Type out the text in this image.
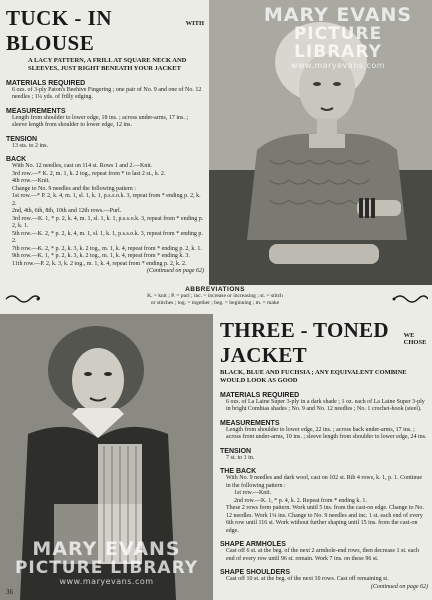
TUCK - IN BLOUSE
WITH
A LACY PATTERN, A FRILL AT SQUARE NECK AND SLEEVES, JUST RIGHT BENEATH YOUR JACKET
MATERIALS REQUIRED
6 ozs. of 3-ply Paton's Beehive Fingering ; one pair of No. 9 and one of No. 12 needles ; 1¼ yds. of frilly edging.
MEASUREMENTS
Length from shoulder to lower edge, 18 ins. ; across under-arms, 17 ins. ; sleeve length from shoulder to lower edge, 12 ins.
TENSION
13 sts. to 2 ins.
BACK
With No. 12 needles, cast on 114 st. Rows 1 and 2.—Knit.
3rd row.—* K. 2, m. 1, k. 2 tog., repeat from * to last 2 st., k. 2.
4th row.—Knit.
Change to No. 9 needles and the following pattern :
1st row.—* P. 2, k. 4, m. 1, sl. 1, k. 1, p.s.s.o.k. 3, repeat from * ending p. 2, k. 2.
2nd, 4th, 6th, 8th, 10th and 12th rows.—Purl.
3rd row.—K. 1, * p. 2, k. 4, m. 1, sl. 1, k. 1, p.s.s.o.k. 3, repeat from * ending p. 2, k. 1.
5th row.—K. 2, * p. 2, k. 4, m. 1, sl. 1, k. 1, p.s.s.o.k. 3, repeat from * ending p. 2.
7th row.—K. 2, * p. 2, k. 3, k. 2 tog., m. 1, k. 4, repeat from * ending p. 2, k. 1.
9th row.—K. 1, * p. 2, k. 3, k. 2 tog., m. 1, k. 4, repeat from * ending k. 3.
11th row.—P. 2, k. 3, k. 2 tog., m. 1, k. 4, repeat from * ending p. 2, k. 2.
(Continued on page 62)
MARY EVANS
PICTURE LIBRARY
www.maryevans.com
ABBREVIATIONS
K. = knit ; P. = purl ; inc. = increase or increasing ; st. = stitch
or stitches ; tog. = together ; beg. = beginning ; m. = make
MARY EVANS
PICTURE LIBRARY
www.maryevans.com
THREE - TONED JACKET
WE CHOSE
BLACK, BLUE AND FUCHSIA ; ANY EQUIVALENT COMBINE WOULD LOOK AS GOOD
MATERIALS REQUIRED
6 ozs. of La Laine Super 3-ply in a dark shade ; 1 oz. each of La Laine Super 3-ply in bright Combias shades ; No. 9 and No. 12 needles ; No. 1 crochet-hook (steel).
MEASUREMENTS
Length from shoulder to lower edge, 22 ins. ; across back under-arms, 17 ins. ; across front under-arms, 10 ins. ; sleeve length from shoulder to lower edge, 24 ins.
TENSION
7 st. to 1 in.
THE BACK
With No. 9 needles and dark wool, cast on 102 st. Rib 4 rows, k. 1, p. 1. Continue in the following pattern :
1st row.—Knit.
2nd row.—K. 1, * p. 4, k. 2. Repeat from * ending k. 1.
These 2 rows form pattern. Work until 5 ins. from the cast-on edge. Change to No. 12 needles. Work 1¼ ins. Change to No. 9 needles and inc. 1 st. each end of every 6th row until 116 st. Work without further shaping until 15 ins. from the cast-on edge.
SHAPE ARMHOLES
Cast off 6 st. at the beg. of the next 2 armhole-end rows, then decrease 1 st. each end of every row until 96 st. remain. Work 7 ins. on these 96 st.
SHAPE SHOULDERS
Cast off 10 st. at the beg. of the next 10 rows. Cast off remaining st.
(Continued on page 62)
36
